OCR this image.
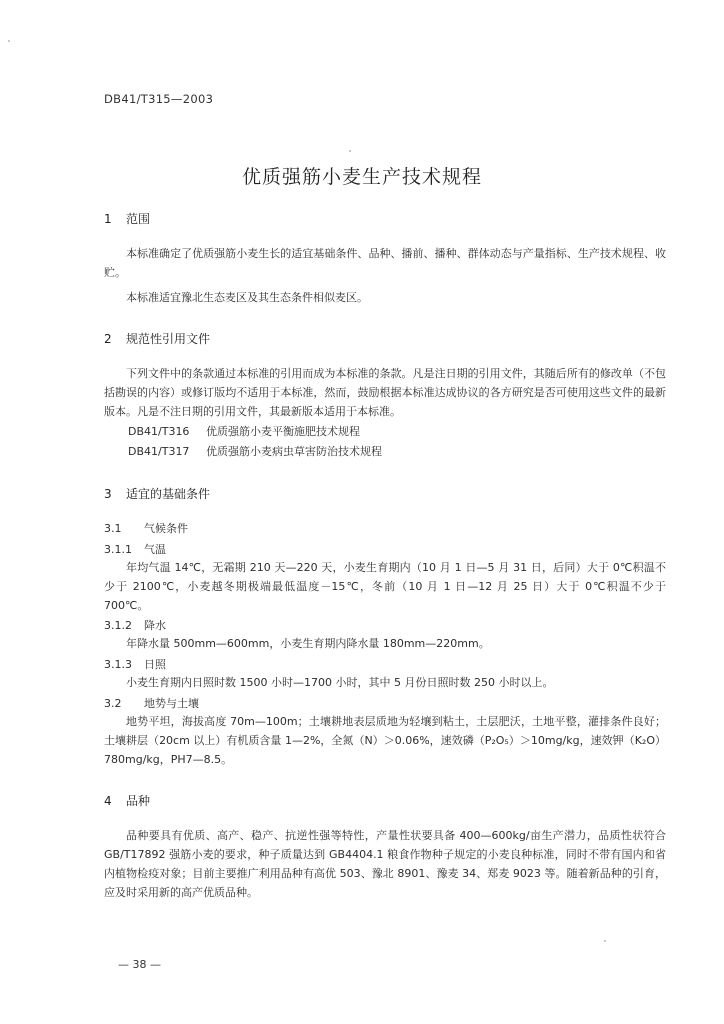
DB41/T315—2003
优质强筋小麦生产技术规程
1 范围

本标准确定了优质强筋小麦生长的适宜基础条件、品种、播前、播种、群体动态与产量指标、生产技术规程、收贮。

本标准适宜豫北生态麦区及其生态条件相似麦区。

2 规范性引用文件

下列文件中的条款通过本标准的引用而成为本标准的条款。凡是注日期的引用文件，其随后所有的修改单（不包括勘误的内容）或修订版均不适用于本标准，然而，鼓励根据本标准达成协议的各方研究是否可使用这些文件的最新版本。凡是不注日期的引用文件，其最新版本适用于本标准。

DB41/T316 优质强筋小麦平衡施肥技术规程
DB41/T317 优质强筋小麦病虫草害防治技术规程
3 适宜的基础条件
3.1 气候条件
3.1.1 气温

年均气温 14℃，无霜期 210 天—220 天，小麦生育期内（10 月 1 日—5 月 31 日，后同）大于 0℃积温不少于 2100℃，小麦越冬期极端最低温度－15℃，冬前（10 月 1 日—12 月 25 日）大于 0℃积温不少于 700℃。

3.1.2 降水

年降水量 500mm—600mm，小麦生育期内降水量 180mm—220mm。

3.1.3 日照

小麦生育期内日照时数 1500 小时—1700 小时，其中 5 月份日照时数 250 小时以上。

3.2 地势与土壤

地势平坦，海拔高度 70m—100m；土壤耕地表层质地为轻壤到粘土，土层肥沃，土地平整，灌排条件良好；土壤耕层（20cm 以上）有机质含量 1—2%，全氮（N）＞0.06%，速效磷（P₂O₅）＞10mg/kg，速效钾（K₂O）780mg/kg，PH7—8.5。

4 品种

品种要具有优质、高产、稳产、抗逆性强等特性，产量性状要具备 400—600kg/亩生产潜力，品质性状符合 GB/T17892 强筋小麦的要求，种子质量达到 GB4404.1 粮食作物种子规定的小麦良种标准，同时不带有国内和省内植物检疫对象；目前主要推广利用品种有高优 503、豫北 8901、豫麦 34、郑麦 9023 等。随着新品种的引育，应及时采用新的高产优质品种。

— 38 —
